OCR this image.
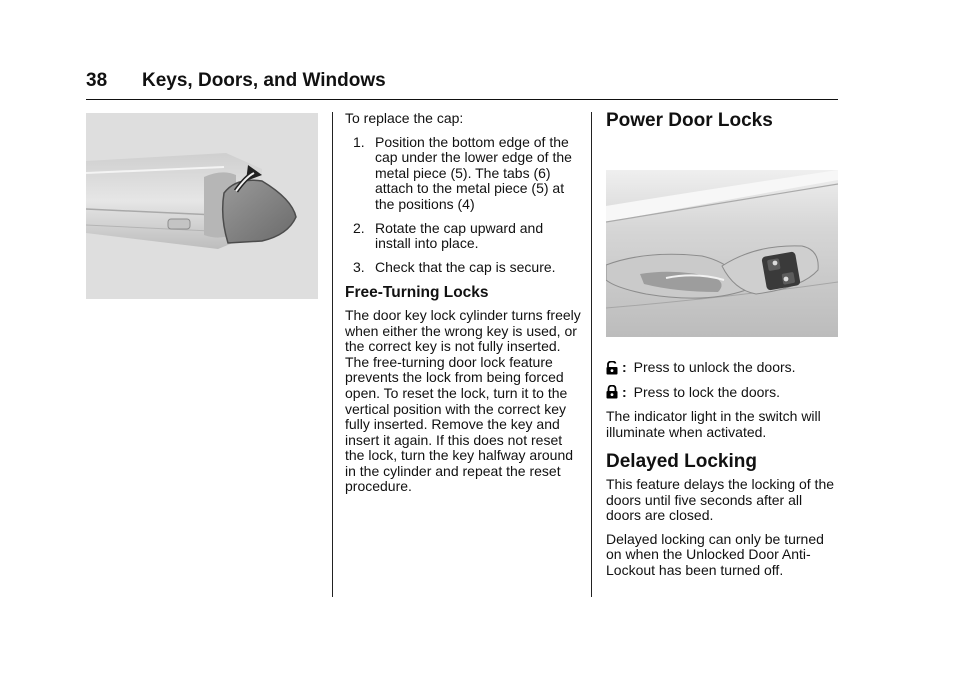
38 Keys, Doors, and Windows

To replace the cap:

1. Position the bottom edge of the cap under the lower edge of the metal piece (5). The tabs (6) attach to the metal piece (5) at the positions (4)
2. Rotate the cap upward and install into place.
3. Check that the cap is secure.
Free-Turning Locks

The door key lock cylinder turns freely when either the wrong key is used, or the correct key is not fully inserted. The free-turning door lock feature prevents the lock from being forced open. To reset the lock, turn it to the vertical position with the correct key fully inserted. Remove the key and insert it again. If this does not reset the lock, turn the key halfway around in the cylinder and repeat the reset procedure.

Power Door Locks
: Press to unlock the doors.
: Press to lock the doors.

The indicator light in the switch will illuminate when activated.

Delayed Locking

This feature delays the locking of the doors until five seconds after all doors are closed.

Delayed locking can only be turned on when the Unlocked Door Anti-Lockout has been turned off.
